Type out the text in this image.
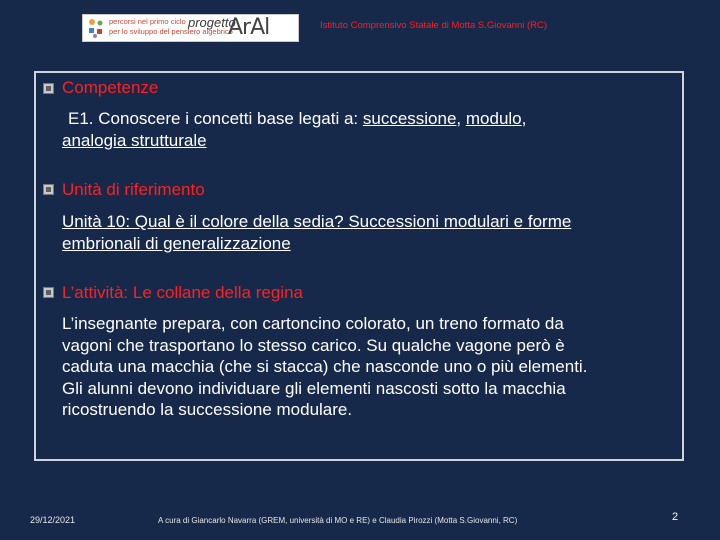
percorsi nel primo ciclo
per lo sviluppo del pensiero algebrico
progetto
ArAl	Istituto Comprensivo Statale di Motta S.Giovanni (RC)
Competenze
E1. Conoscere i concetti base legati a: successione, modulo,
analogia strutturale
Unità di riferimento
Unità 10: Qual è il colore della sedia? Successioni modulari e forme
embrionali di generalizzazione
L’attività: Le collane della regina
L’insegnante prepara, con cartoncino colorato, un treno formato da
vagoni che trasportano lo stesso carico. Su qualche vagone però è
caduta una macchia (che si stacca) che nasconde uno o più elementi.
Gli alunni devono individuare gli elementi nascosti sotto la macchia
ricostruendo la successione modulare.
29/12/2021	A cura di Giancarlo Navarra (GREM, università di MO e RE) e Claudia Pirozzi (Motta S.Giovanni, RC)	2
